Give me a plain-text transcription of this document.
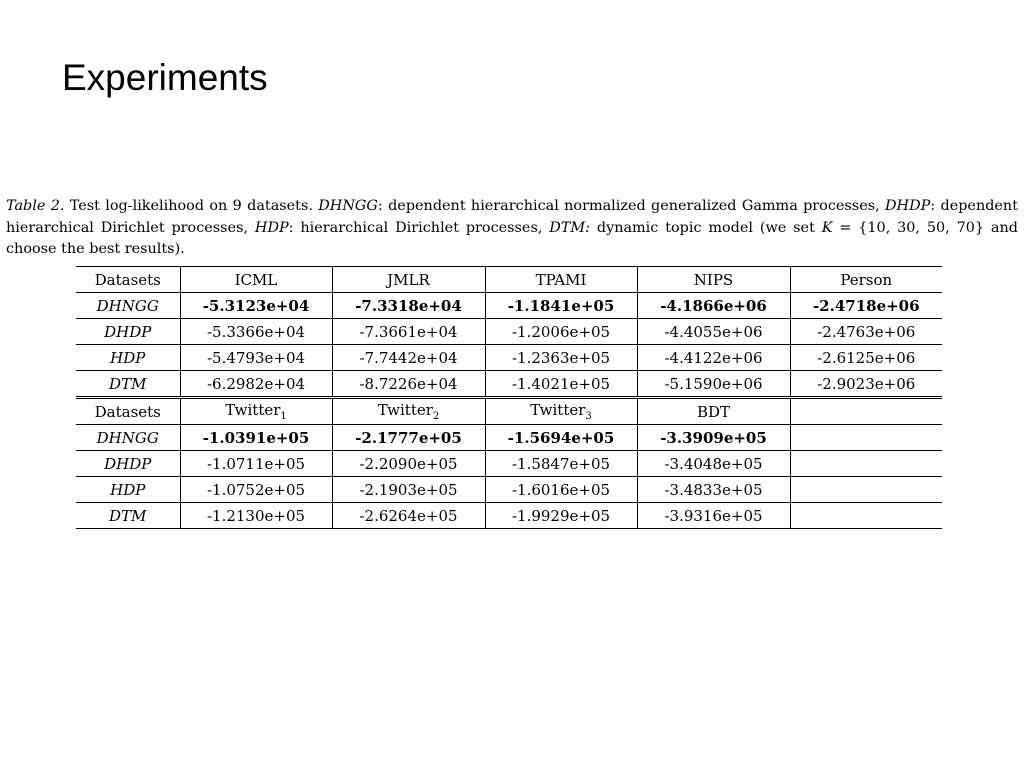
Experiments

Table 2. Test log-likelihood on 9 datasets. DHNGG: dependent hierarchical normalized generalized Gamma processes, DHDP: dependent hierarchical Dirichlet processes, HDP: hierarchical Dirichlet processes, DTM: dynamic topic model (we set K = {10, 30, 50, 70} and choose the best results).

Datasets	ICML	JMLR	TPAMI	NIPS	Person
DHNGG	-5.3123e+04	-7.3318e+04	-1.1841e+05	-4.1866e+06	-2.4718e+06
DHDP	-5.3366e+04	-7.3661e+04	-1.2006e+05	-4.4055e+06	-2.4763e+06
HDP	-5.4793e+04	-7.7442e+04	-1.2363e+05	-4.4122e+06	-2.6125e+06
DTM	-6.2982e+04	-8.7226e+04	-1.4021e+05	-5.1590e+06	-2.9023e+06
Datasets	Twitter$_1$	Twitter$_2$	Twitter$_3$	BDT	
DHNGG	-1.0391e+05	-2.1777e+05	-1.5694e+05	-3.3909e+05	
DHDP	-1.0711e+05	-2.2090e+05	-1.5847e+05	-3.4048e+05	
HDP	-1.0752e+05	-2.1903e+05	-1.6016e+05	-3.4833e+05	
DTM	-1.2130e+05	-2.6264e+05	-1.9929e+05	-3.9316e+05	
